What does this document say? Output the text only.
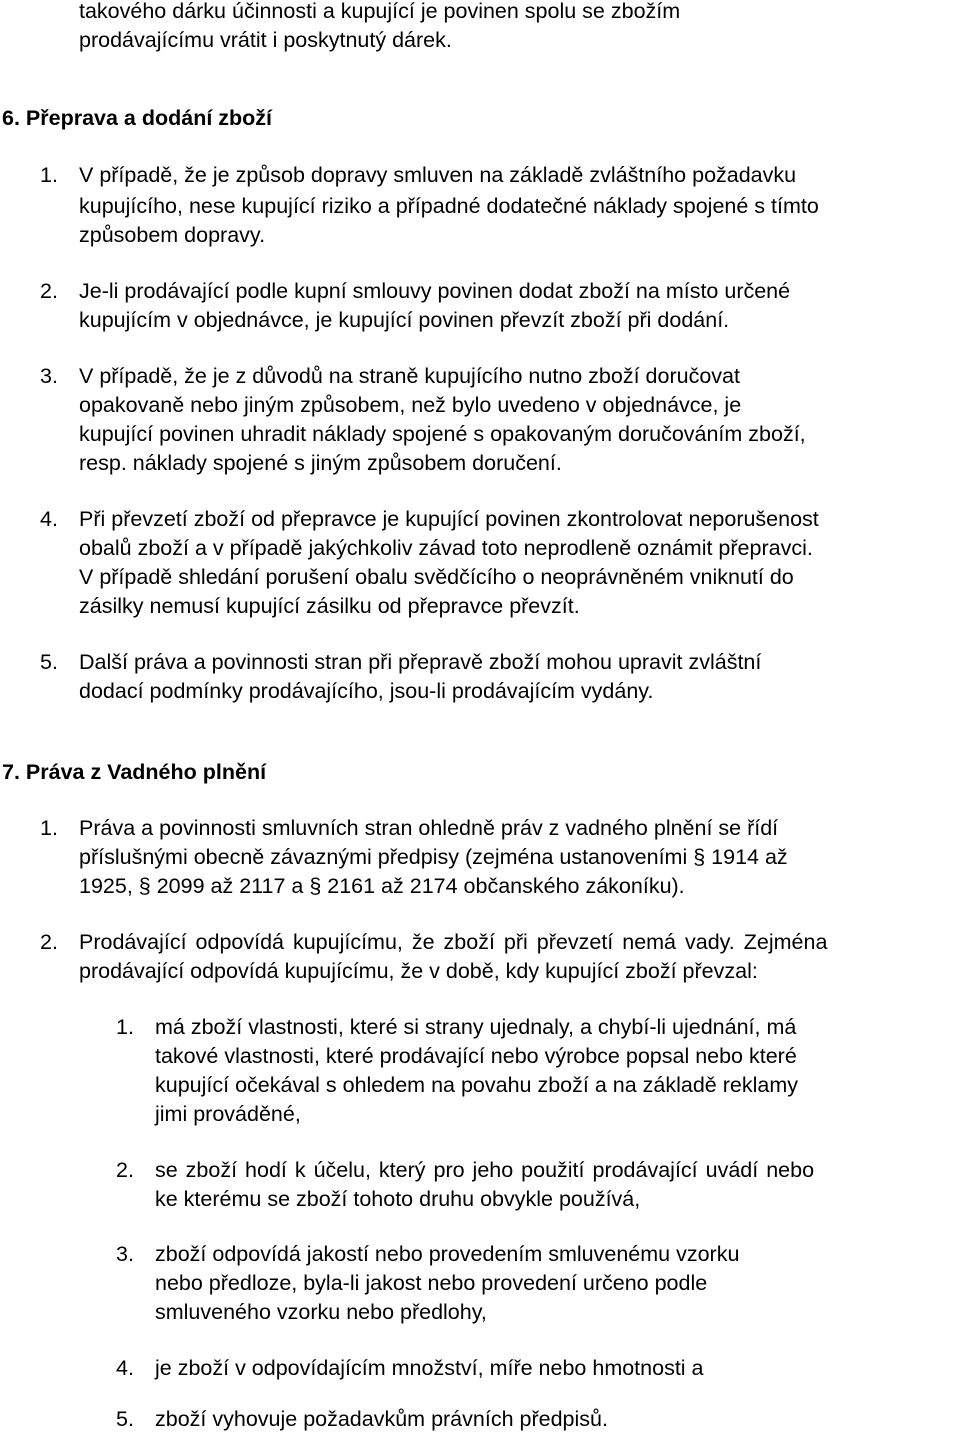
takového dárku účinnosti a kupující je povinen spolu se zbožím
prodávajícímu vrátit i poskytnutý dárek.
6. Přeprava a dodání zboží
1. V případě, že je způsob dopravy smluven na základě zvláštního požadavku
kupujícího, nese kupující riziko a případné dodatečné náklady spojené s tímto
způsobem dopravy.
2. Je-li prodávající podle kupní smlouvy povinen dodat zboží na místo určené
kupujícím v objednávce, je kupující povinen převzít zboží při dodání.
3. V případě, že je z důvodů na straně kupujícího nutno zboží doručovat
opakovaně nebo jiným způsobem, než bylo uvedeno v objednávce, je
kupující povinen uhradit náklady spojené s opakovaným doručováním zboží,
resp. náklady spojené s jiným způsobem doručení.
4. Při převzetí zboží od přepravce je kupující povinen zkontrolovat neporušenost
obalů zboží a v případě jakýchkoliv závad toto neprodleně oznámit přepravci.
V případě shledání porušení obalu svědčícího o neoprávněném vniknutí do
zásilky nemusí kupující zásilku od přepravce převzít.
5. Další práva a povinnosti stran při přepravě zboží mohou upravit zvláštní
dodací podmínky prodávajícího, jsou-li prodávajícím vydány.
7. Práva z Vadného plnění
1. Práva a povinnosti smluvních stran ohledně práv z vadného plnění se řídí
příslušnými obecně závaznými předpisy (zejména ustanoveními § 1914 až
1925, § 2099 až 2117 a § 2161 až 2174 občanského zákoníku).
2. Prodávající odpovídá kupujícímu, že zboží při převzetí nemá vady. Zejména
prodávající odpovídá kupujícímu, že v době, kdy kupující zboží převzal:
1. má zboží vlastnosti, které si strany ujednaly, a chybí-li ujednání, má
takové vlastnosti, které prodávající nebo výrobce popsal nebo které
kupující očekával s ohledem na povahu zboží a na základě reklamy
jimi prováděné,
2. se zboží hodí k účelu, který pro jeho použití prodávající uvádí nebo
ke kterému se zboží tohoto druhu obvykle používá,
3. zboží odpovídá jakostí nebo provedením smluvenému vzorku
nebo předloze, byla-li jakost nebo provedení určeno podle
smluveného vzorku nebo předlohy,
4. je zboží v odpovídajícím množství, míře nebo hmotnosti a
5. zboží vyhovuje požadavkům právních předpisů.
